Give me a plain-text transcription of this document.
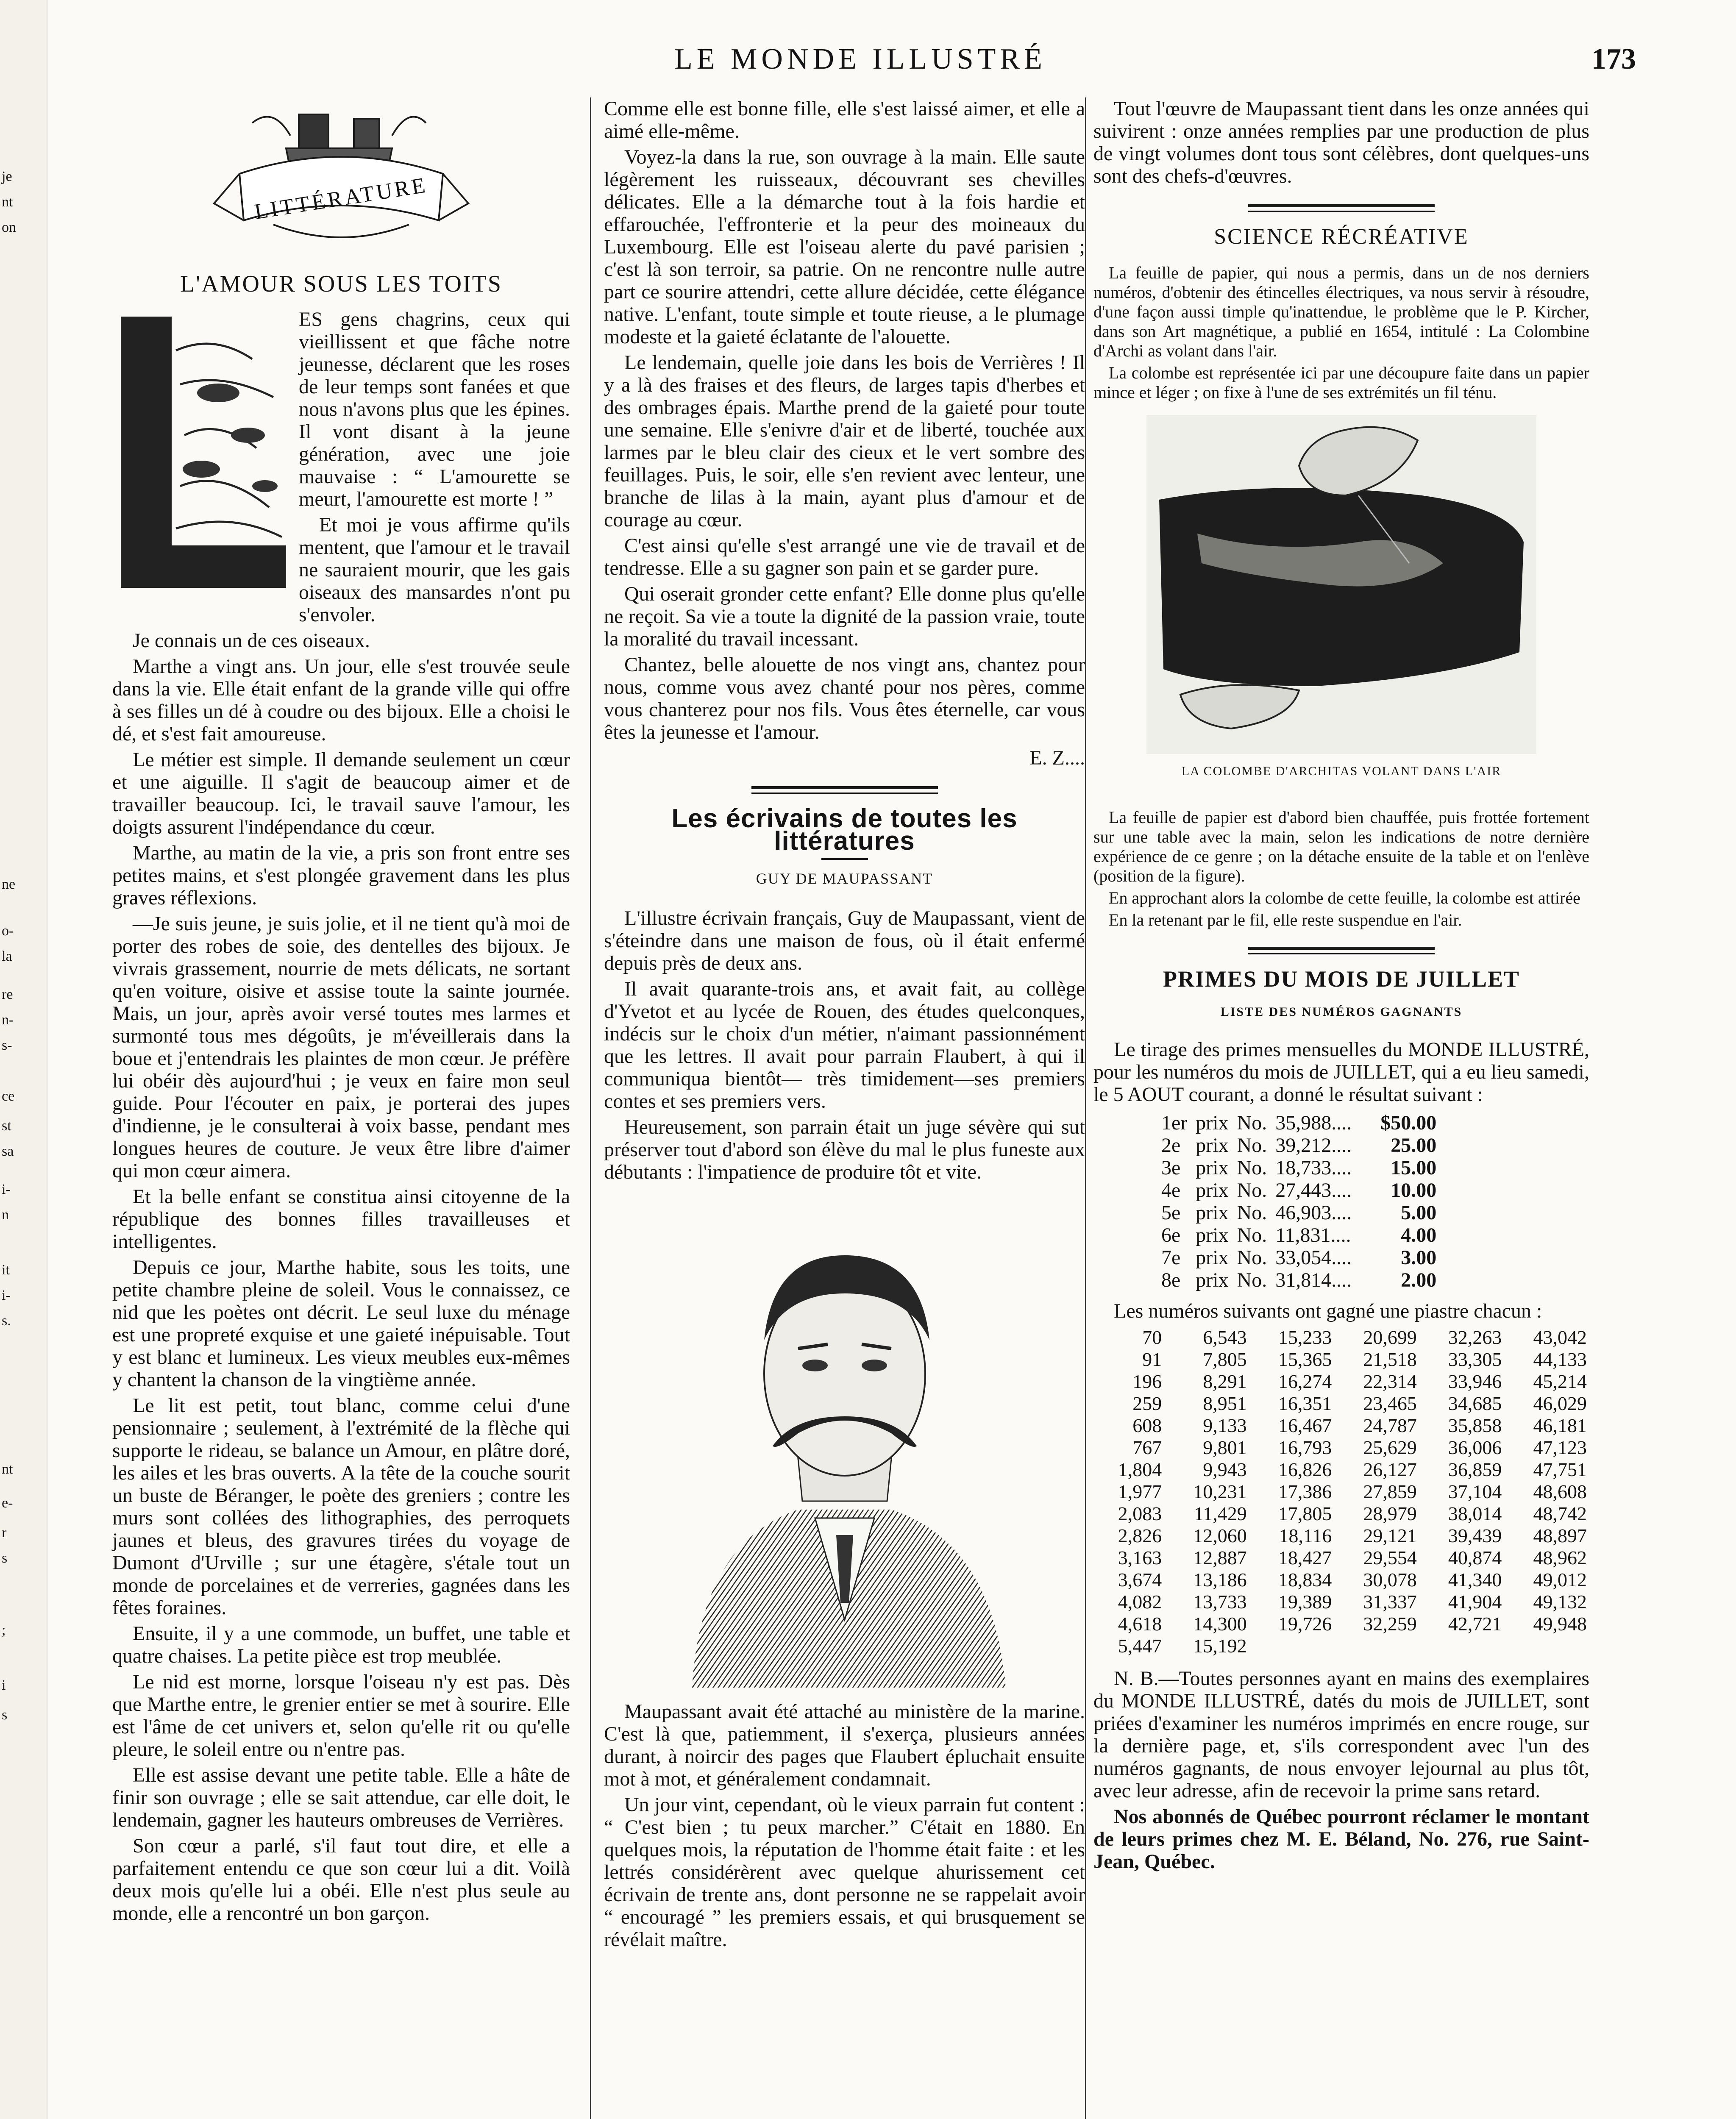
je
nt
on
ne
o-
la
re
n-
s-
ce
st
sa
i-
n
it
i-
s.
nt
e-
r
s
;
i
s
LE MONDE ILLUSTRÉ	173
LITTÉRATURE
L'AMOUR SOUS LES TOITS

ES gens chagrins, ceux qui vieillissent et que fâche notre jeunesse, déclarent que les roses de leur temps sont fanées et que nous n'avons plus que les épines. Il vont disant à la jeune génération, avec une joie mauvaise : “ L'amourette se meurt, l'amourette est morte ! ”

Et moi je vous affirme qu'ils mentent, que l'amour et le travail ne sauraient mourir, que les gais oiseaux des mansardes n'ont pu s'envoler.

Je connais un de ces oiseaux.

Marthe a vingt ans. Un jour, elle s'est trouvée seule dans la vie. Elle était enfant de la grande ville qui offre à ses filles un dé à coudre ou des bijoux. Elle a choisi le dé, et s'est fait amoureuse.

Le métier est simple. Il demande seulement un cœur et une aiguille. Il s'agit de beaucoup aimer et de travailler beaucoup. Ici, le travail sauve l'amour, les doigts assurent l'indépendance du cœur.

Marthe, au matin de la vie, a pris son front entre ses petites mains, et s'est plongée gravement dans les plus graves réflexions.

—Je suis jeune, je suis jolie, et il ne tient qu'à moi de porter des robes de soie, des dentelles des bijoux. Je vivrais grassement, nourrie de mets délicats, ne sortant qu'en voiture, oisive et assise toute la sainte journée. Mais, un jour, après avoir versé toutes mes larmes et surmonté tous mes dégoûts, je m'éveillerais dans la boue et j'entendrais les plaintes de mon cœur. Je préfère lui obéir dès aujourd'hui ; je veux en faire mon seul guide. Pour l'écouter en paix, je porterai des jupes d'indienne, je le consulterai à voix basse, pendant mes longues heures de couture. Je veux être libre d'aimer qui mon cœur aimera.

Et la belle enfant se constitua ainsi citoyenne de la république des bonnes filles travailleuses et intelligentes.

Depuis ce jour, Marthe habite, sous les toits, une petite chambre pleine de soleil. Vous le connaissez, ce nid que les poètes ont décrit. Le seul luxe du ménage est une propreté exquise et une gaieté inépuisable. Tout y est blanc et lumineux. Les vieux meubles eux-mêmes y chantent la chanson de la vingtième année.

Le lit est petit, tout blanc, comme celui d'une pensionnaire ; seulement, à l'extrémité de la flèche qui supporte le rideau, se balance un Amour, en plâtre doré, les ailes et les bras ouverts. A la tête de la couche sourit un buste de Béranger, le poète des greniers ; contre les murs sont collées des lithographies, des perroquets jaunes et bleus, des gravures tirées du voyage de Dumont d'Urville ; sur une étagère, s'étale tout un monde de porcelaines et de verreries, gagnées dans les fêtes foraines.

Ensuite, il y a une commode, un buffet, une table et quatre chaises. La petite pièce est trop meublée.

Le nid est morne, lorsque l'oiseau n'y est pas. Dès que Marthe entre, le grenier entier se met à sourire. Elle est l'âme de cet univers et, selon qu'elle rit ou qu'elle pleure, le soleil entre ou n'entre pas.

Elle est assise devant une petite table. Elle a hâte de finir son ouvrage ; elle se sait attendue, car elle doit, le lendemain, gagner les hauteurs ombreuses de Verrières.

Son cœur a parlé, s'il faut tout dire, et elle a parfaitement entendu ce que son cœur lui a dit. Voilà deux mois qu'elle lui a obéi. Elle n'est plus seule au monde, elle a rencontré un bon garçon.

Comme elle est bonne fille, elle s'est laissé aimer, et elle a aimé elle-même.

Voyez-la dans la rue, son ouvrage à la main. Elle saute légèrement les ruisseaux, découvrant ses chevilles délicates. Elle a la démarche tout à la fois hardie et effarouchée, l'effronterie et la peur des moineaux du Luxembourg. Elle est l'oiseau alerte du pavé parisien ; c'est là son terroir, sa patrie. On ne rencontre nulle autre part ce sourire attendri, cette allure décidée, cette élégance native. L'enfant, toute simple et toute rieuse, a le plumage modeste et la gaieté éclatante de l'alouette.

Le lendemain, quelle joie dans les bois de Verrières ! Il y a là des fraises et des fleurs, de larges tapis d'herbes et des ombrages épais. Marthe prend de la gaieté pour toute une semaine. Elle s'enivre d'air et de liberté, touchée aux larmes par le bleu clair des cieux et le vert sombre des feuillages. Puis, le soir, elle s'en revient avec lenteur, une branche de lilas à la main, ayant plus d'amour et de courage au cœur.

C'est ainsi qu'elle s'est arrangé une vie de travail et de tendresse. Elle a su gagner son pain et se garder pure.

Qui oserait gronder cette enfant? Elle donne plus qu'elle ne reçoit. Sa vie a toute la dignité de la passion vraie, toute la moralité du travail incessant.

Chantez, belle alouette de nos vingt ans, chantez pour nous, comme vous avez chanté pour nos pères, comme vous chanterez pour nos fils. Vous êtes éternelle, car vous êtes la jeunesse et l'amour.

E. Z....

Les écrivains de toutes les littératures
GUY DE MAUPASSANT

L'illustre écrivain français, Guy de Maupassant, vient de s'éteindre dans une maison de fous, où il était enfermé depuis près de deux ans.

Il avait quarante-trois ans, et avait fait, au collège d'Yvetot et au lycée de Rouen, des études quelconques, indécis sur le choix d'un métier, n'aimant passionnément que les lettres. Il avait pour parrain Flaubert, à qui il communiqua bientôt— très timidement—ses premiers contes et ses premiers vers.

Heureusement, son parrain était un juge sévère qui sut préserver tout d'abord son élève du mal le plus funeste aux débutants : l'impatience de produire tôt et vite.

Maupassant avait été attaché au ministère de la marine. C'est là que, patiemment, il s'exerça, plusieurs années durant, à noircir des pages que Flaubert épluchait ensuite mot à mot, et généralement condamnait.

Un jour vint, cependant, où le vieux parrain fut content : “ C'est bien ; tu peux marcher.” C'était en 1880. En quelques mois, la réputation de l'homme était faite : et les lettrés considérèrent avec quelque ahurissement cet écrivain de trente ans, dont personne ne se rappelait avoir “ encouragé ” les premiers essais, et qui brusquement se révélait maître.

Tout l'œuvre de Maupassant tient dans les onze années qui suivirent : onze années remplies par une production de plus de vingt volumes dont tous sont célèbres, dont quelques-uns sont des chefs-d'œuvres.

SCIENCE RÉCRÉATIVE

La feuille de papier, qui nous a permis, dans un de nos derniers numéros, d'obtenir des étincelles électriques, va nous servir à résoudre, d'une façon aussi timple qu'inattendue, le problème que le P. Kircher, dans son Art magnétique, a publié en 1654, intitulé : La Colombine d'Archi as volant dans l'air.

La colombe est représentée ici par une découpure faite dans un papier mince et léger ; on fixe à l'une de ses extrémités un fil ténu.

LA COLOMBE D'ARCHITAS VOLANT DANS L'AIR

La feuille de papier est d'abord bien chauffée, puis frottée fortement sur une table avec la main, selon les indications de notre dernière expérience de ce genre ; on la détache ensuite de la table et on l'enlève (position de la figure).

En approchant alors la colombe de cette feuille, la colombe est attirée

En la retenant par le fil, elle reste suspendue en l'air.

PRIMES DU MOIS DE JUILLET
LISTE DES NUMÉROS GAGNANTS

Le tirage des primes mensuelles du MONDE ILLUSTRÉ, pour les numéros du mois de JUILLET, qui a eu lieu samedi, le 5 AOUT courant, a donné le résultat suivant :

1er	prix	No.	35,988....	$50.00
2e	prix	No.	39,212....	25.00
3e	prix	No.	18,733....	15.00
4e	prix	No.	27,443....	10.00
5e	prix	No.	46,903....	5.00
6e	prix	No.	11,831....	4.00
7e	prix	No.	33,054....	3.00
8e	prix	No.	31,814....	2.00

Les numéros suivants ont gagné une piastre chacun :

70	6,543	15,233	20,699	32,263	43,042
91	7,805	15,365	21,518	33,305	44,133
196	8,291	16,274	22,314	33,946	45,214
259	8,951	16,351	23,465	34,685	46,029
608	9,133	16,467	24,787	35,858	46,181
767	9,801	16,793	25,629	36,006	47,123
1,804	9,943	16,826	26,127	36,859	47,751
1,977	10,231	17,386	27,859	37,104	48,608
2,083	11,429	17,805	28,979	38,014	48,742
2,826	12,060	18,116	29,121	39,439	48,897
3,163	12,887	18,427	29,554	40,874	48,962
3,674	13,186	18,834	30,078	41,340	49,012
4,082	13,733	19,389	31,337	41,904	49,132
4,618	14,300	19,726	32,259	42,721	49,948
5,447	15,192				

N. B.—Toutes personnes ayant en mains des exemplaires du MONDE ILLUSTRÉ, datés du mois de JUILLET, sont priées d'examiner les numéros imprimés en encre rouge, sur la dernière page, et, s'ils correspondent avec l'un des numéros gagnants, de nous envoyer lejournal au plus tôt, avec leur adresse, afin de recevoir la prime sans retard.

Nos abonnés de Québec pourront réclamer le montant de leurs primes chez M. E. Béland, No. 276, rue Saint-Jean, Québec.
